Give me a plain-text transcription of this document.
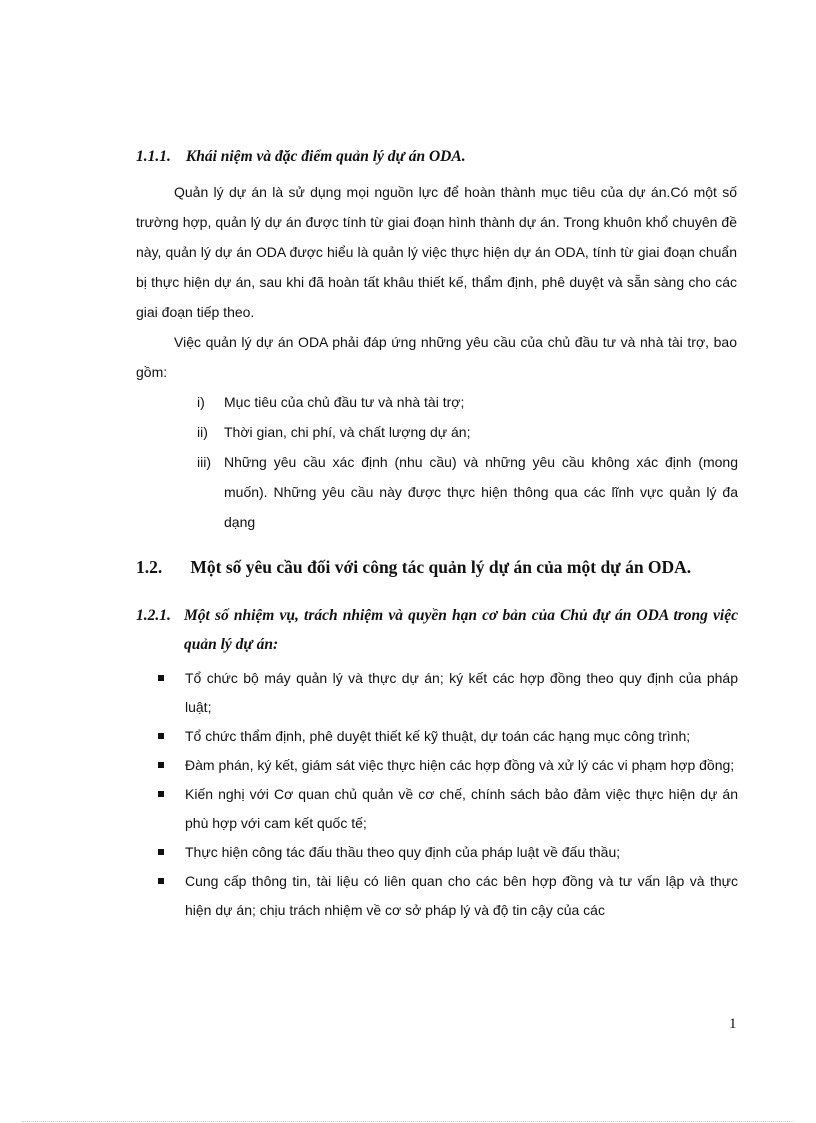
1.1.1. Khái niệm và đặc điểm quản lý dự án ODA.

Quản lý dự án là sử dụng mọi nguồn lực để hoàn thành mục tiêu của dự án.Có một số trường hợp, quản lý dự án được tính từ giai đoạn hình thành dự án. Trong khuôn khổ chuyên đề này, quản lý dự án ODA được hiểu là quản lý việc thực hiện dự án ODA, tính từ giai đoạn chuẩn bị thực hiện dự án, sau khi đã hoàn tất khâu thiết kế, thẩm định, phê duyệt và sẵn sàng cho các giai đoạn tiếp theo.

Việc quản lý dự án ODA phải đáp ứng những yêu cầu của chủ đầu tư và nhà tài trợ, bao gồm:

i) Mục tiêu của chủ đầu tư và nhà tài trợ;
ii) Thời gian, chi phí, và chất lượng dự án;
iii) Những yêu cầu xác định (nhu cầu) và những yêu cầu không xác định (mong muốn). Những yêu cầu này được thực hiện thông qua các lĩnh vực quản lý đa dạng
1.2. Một số yêu cầu đối với công tác quản lý dự án của một dự án ODA.
1.2.1. Một số nhiệm vụ, trách nhiệm và quyền hạn cơ bản của Chủ đự án ODA trong việc quản lý dự án:
Tổ chức bộ máy quản lý và thực dự án; ký kết các hợp đồng theo quy định của pháp luật;
Tổ chức thẩm định, phê duyệt thiết kế kỹ thuật, dự toán các hạng mục công trình;
Đàm phán, ký kết, giám sát việc thực hiện các hợp đồng và xử lý các vi phạm hợp đồng;
Kiến nghị với Cơ quan chủ quản về cơ chế, chính sách bảo đảm việc thực hiện dự án phù hợp với cam kết quốc tế;
Thực hiện công tác đấu thầu theo quy định của pháp luật về đấu thầu;
Cung cấp thông tin, tài liệu có liên quan cho các bên hợp đồng và tư vấn lập và thực hiện dự án; chịu trách nhiệm về cơ sở pháp lý và độ tin cậy của các

1
